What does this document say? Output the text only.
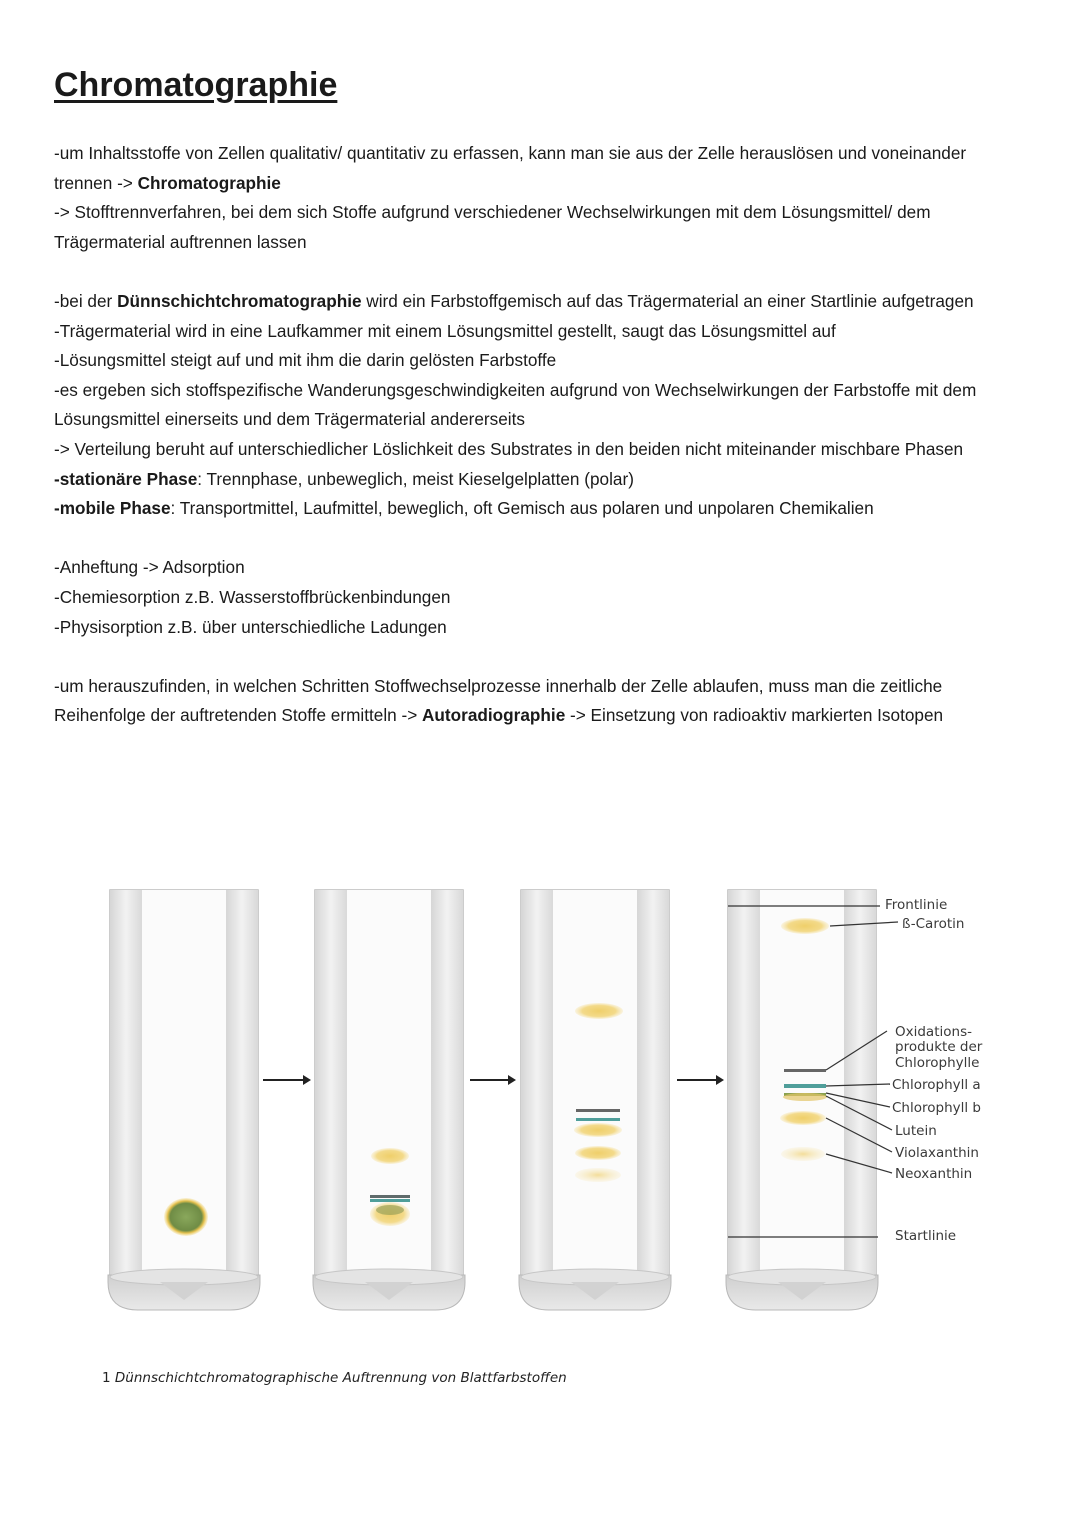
Chromatographie

-um Inhaltsstoffe von Zellen qualitativ/ quantitativ zu erfassen, kann man sie aus der Zelle herauslösen und voneinander

trennen -> Chromatographie

-> Stofftrennverfahren, bei dem sich Stoffe aufgrund verschiedener Wechselwirkungen mit dem Lösungsmittel/ dem

Trägermaterial auftrennen lassen

-bei der Dünnschichtchromatographie wird ein Farbstoffgemisch auf das Trägermaterial an einer Startlinie aufgetragen

-Trägermaterial wird in eine Laufkammer mit einem Lösungsmittel gestellt, saugt das Lösungsmittel auf

-Lösungsmittel steigt auf und mit ihm die darin gelösten Farbstoffe

-es ergeben sich stoffspezifische Wanderungsgeschwindigkeiten aufgrund von Wechselwirkungen der Farbstoffe mit dem

Lösungsmittel einerseits und dem Trägermaterial andererseits

-> Verteilung beruht auf unterschiedlicher Löslichkeit des Substrates in den beiden nicht miteinander mischbare Phasen

-stationäre Phase: Trennphase, unbeweglich, meist Kieselgelplatten (polar)

-mobile Phase: Transportmittel, Laufmittel, beweglich, oft Gemisch aus polaren und unpolaren Chemikalien

-Anheftung -> Adsorption

-Chemiesorption z.B. Wasserstoffbrückenbindungen

-Physisorption z.B. über unterschiedliche Ladungen

-um herauszufinden, in welchen Schritten Stoffwechselprozesse innerhalb der Zelle ablaufen, muss man die zeitliche

Reihenfolge der auftretenden Stoffe ermitteln -> Autoradiographie -> Einsetzung von radioaktiv markierten Isotopen

Frontlinie
ß-Carotin
Oxidations-
produkte der
Chlorophylle
Chlorophyll a
Chlorophyll b
Lutein
Violaxanthin
Neoxanthin
Startlinie
1 Dünnschichtchromatographische Auftrennung von Blattfarbstoffen
